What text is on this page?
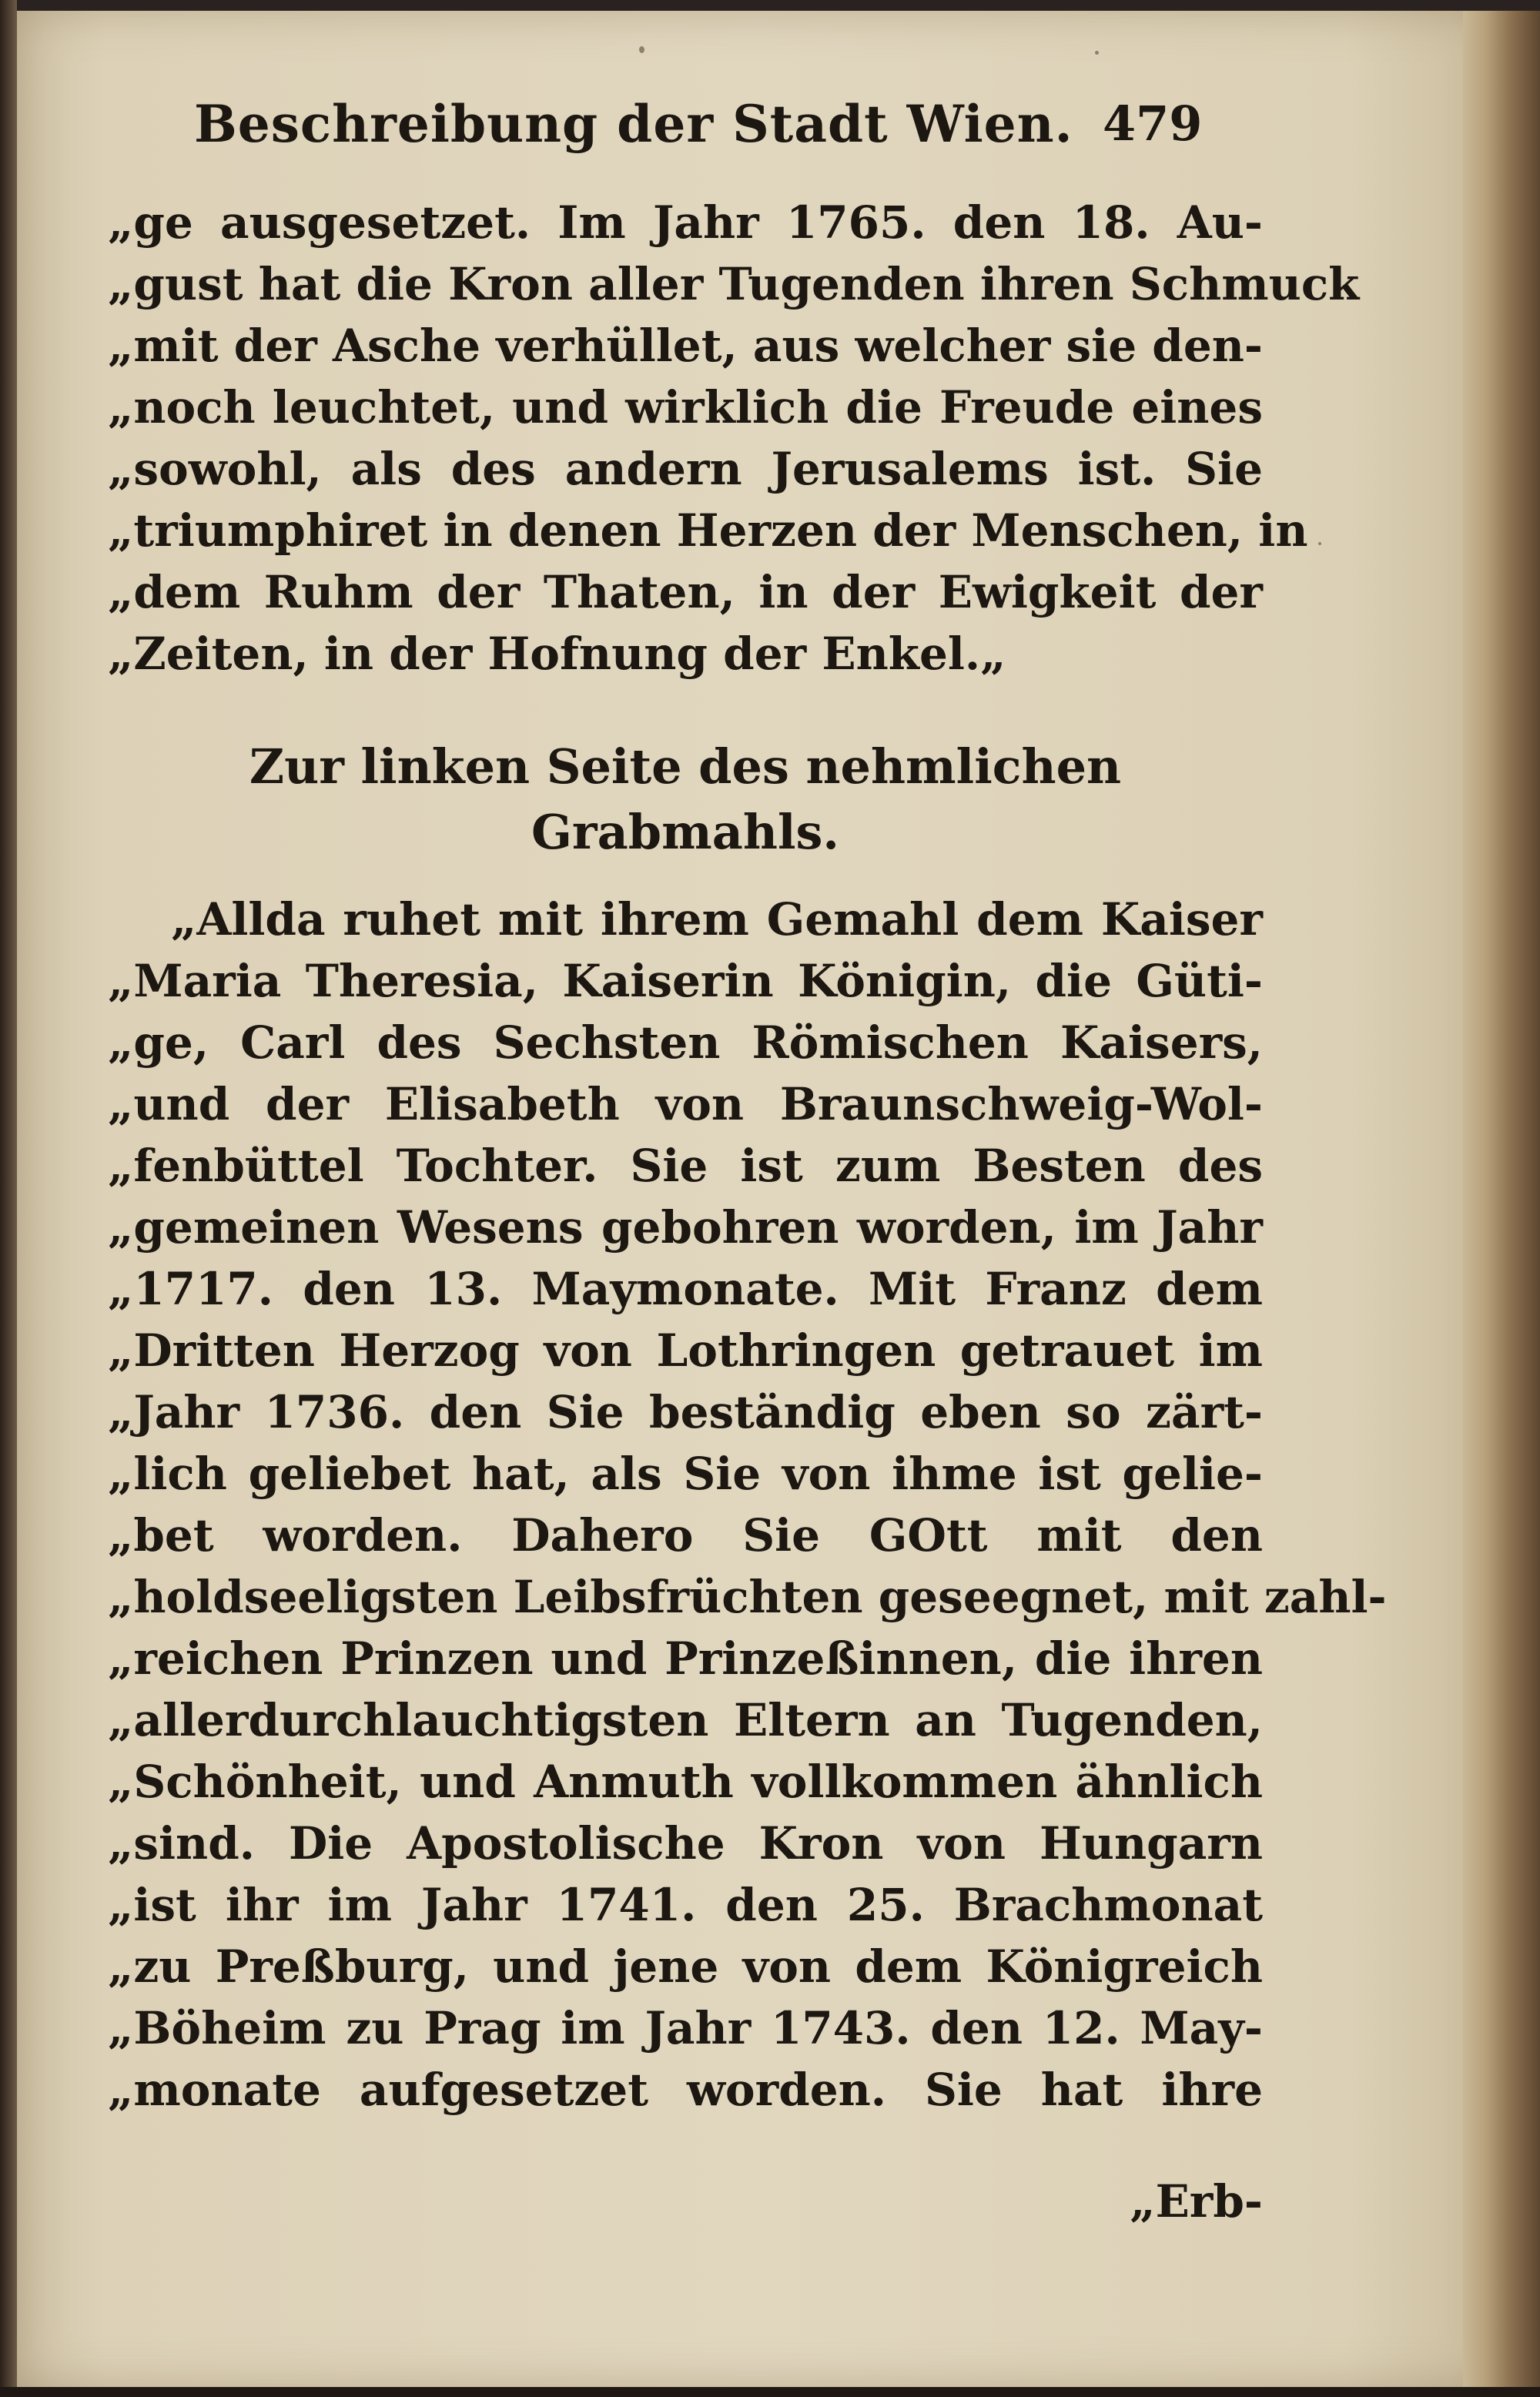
Beschreibung der Stadt Wien. 479
„ge ausgesetzet. Im Jahr 1765. den 18. Au-
„gust hat die Kron aller Tugenden ihren Schmuck
„mit der Asche verhüllet, aus welcher sie den-
„noch leuchtet, und wirklich die Freude eines
„sowohl, als des andern Jerusalems ist. Sie
„triumphiret in denen Herzen der Menschen, in
„dem Ruhm der Thaten, in der Ewigkeit der
„Zeiten, in der Hofnung der Enkel.„
Zur linken Seite des nehmlichen
Grabmahls.
„Allda ruhet mit ihrem Gemahl dem Kaiser
„Maria Theresia, Kaiserin Königin, die Güti-
„ge, Carl des Sechsten Römischen Kaisers,
„und der Elisabeth von Braunschweig-Wol-
„fenbüttel Tochter. Sie ist zum Besten des
„gemeinen Wesens gebohren worden, im Jahr
„1717. den 13. Maymonate. Mit Franz dem
„Dritten Herzog von Lothringen getrauet im
„Jahr 1736. den Sie beständig eben so zärt-
„lich geliebet hat, als Sie von ihme ist gelie-
„bet worden. Dahero Sie GOtt mit den
„holdseeligsten Leibsfrüchten geseegnet, mit zahl-
„reichen Prinzen und Prinzeßinnen, die ihren
„allerdurchlauchtigsten Eltern an Tugenden,
„Schönheit, und Anmuth vollkommen ähnlich
„sind. Die Apostolische Kron von Hungarn
„ist ihr im Jahr 1741. den 25. Brachmonat
„zu Preßburg, und jene von dem Königreich
„Böheim zu Prag im Jahr 1743. den 12. May-
„monate aufgesetzet worden. Sie hat ihre
„Erb-
